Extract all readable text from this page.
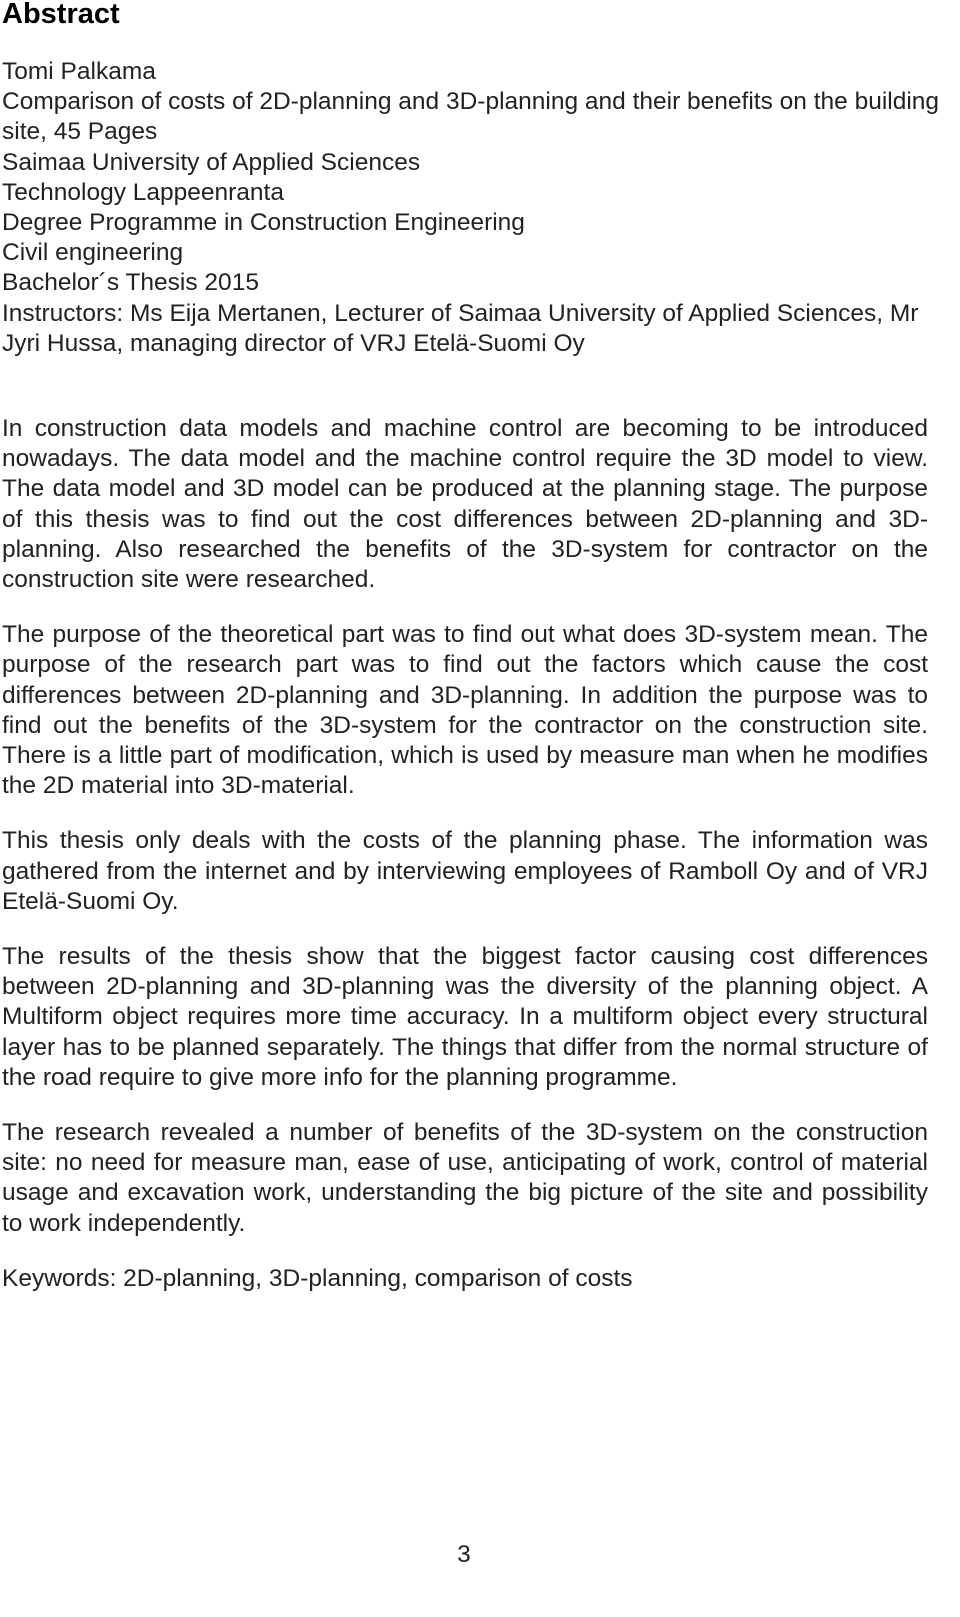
Abstract
Tomi Palkama
Comparison of costs of 2D-planning and 3D-planning and their benefits on the building site, 45 Pages
Saimaa University of Applied Sciences
Technology Lappeenranta
Degree Programme in Construction Engineering
Civil engineering
Bachelor´s Thesis 2015
Instructors: Ms Eija Mertanen, Lecturer of Saimaa University of Applied Sciences, Mr Jyri Hussa, managing director of VRJ Etelä-Suomi Oy

In construction data models and machine control are becoming to be introduced nowadays. The data model and the machine control require the 3D model to view. The data model and 3D model can be produced at the planning stage. The purpose of this thesis was to find out the cost differences between 2D-planning and 3D-planning. Also researched the benefits of the 3D-system for contractor on the construction site were researched.

The purpose of the theoretical part was to find out what does 3D-system mean. The purpose of the research part was to find out the factors which cause the cost differences between 2D-planning and 3D-planning. In addition the purpose was to find out the benefits of the 3D-system for the contractor on the construction site. There is a little part of modification, which is used by measure man when he modifies the 2D material into 3D-material.

This thesis only deals with the costs of the planning phase. The information was gathered from the internet and by interviewing employees of Ramboll Oy and of VRJ Etelä-Suomi Oy.

The results of the thesis show that the biggest factor causing cost differences between 2D-planning and 3D-planning was the diversity of the planning object. A Multiform object requires more time accuracy. In a multiform object every structural layer has to be planned separately. The things that differ from the normal structure of the road require to give more info for the planning programme.

The research revealed a number of benefits of the 3D-system on the construction site: no need for measure man, ease of use, anticipating of work, control of material usage and excavation work, understanding the big picture of the site and possibility to work independently.

Keywords: 2D-planning, 3D-planning, comparison of costs

3
